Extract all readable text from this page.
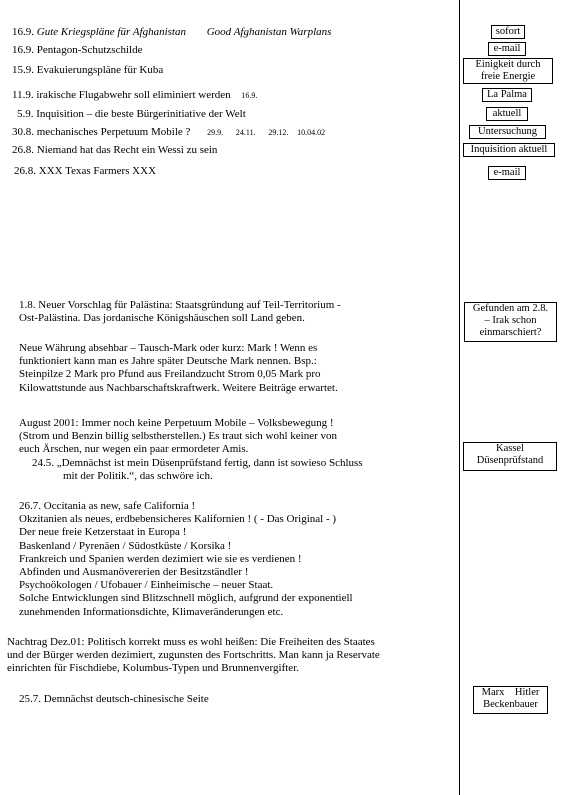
16.9. Gute Kriegspläne für Afghanistan Good Afghanistan Warplans
16.9. Pentagon-Schutzschilde
15.9. Evakuierungspläne für Kuba
11.9. irakische Flugabwehr soll eliminiert werden 16.9.
5.9. Inquisition – die beste Bürgerinitiative der Welt
30.8. mechanisches Perpetuum Mobile ? 29.9. 24.11. 29.12. 10.04.02
26.8. Niemand hat das Recht ein Wessi zu sein
26.8. XXX Texas Farmers XXX
sofort
e-mail
Einigkeit durch
freie Energie
La Palma
aktuell
Untersuchung
Inquisition aktuell
e-mail
Gefunden am 2.8.
– Irak schon
einmarschiert?
Kassel
Düsenprüfstand
Marx    Hitler
Beckenbauer
1.8. Neuer Vorschlag für Palästina: Staatsgründung auf Teil-Territorium -
Ost-Palästina. Das jordanische Königshäuschen soll Land geben.
Neue Währung absehbar – Tausch-Mark oder kurz: Mark ! Wenn es
funktioniert kann man es Jahre später Deutsche Mark nennen. Bsp.:
Steinpilze 2 Mark pro Pfund aus Freilandzucht Strom 0,05 Mark pro
Kilowattstunde aus Nachbarschaftskraftwerk. Weitere Beiträge erwartet.
August 2001: Immer noch keine Perpetuum Mobile – Volksbewegung !
(Strom und Benzin billig selbstherstellen.) Es traut sich wohl keiner von
euch Ärschen, nur wegen ein paar ermordeter Amis.
24.5. „Demnächst ist mein Düsenprüfstand fertig, dann ist sowieso Schluss
mit der Politik.“, das schwöre ich.
26.7. Occitania as new, safe California !
Okzitanien als neues, erdbebensicheres Kalifornien ! ( - Das Original - )
Der neue freie Ketzerstaat in Europa !
Baskenland / Pyrenäen / Südostküste / Korsika !
Frankreich und Spanien werden dezimiert wie sie es verdienen !
Abfinden und Ausmanövererien der Besitzständler !
Psychoökologen / Ufobauer / Einheimische – neuer Staat.
Solche Entwicklungen sind Blitzschnell möglich, aufgrund der exponentiell
zunehmenden Informationsdichte, Klimaveränderungen etc.
Nachtrag Dez.01: Politisch korrekt muss es wohl heißen: Die Freiheiten des Staates
und der Bürger werden dezimiert, zugunsten des Fortschritts. Man kann ja Reservate
einrichten für Fischdiebe, Kolumbus-Typen und Brunnenvergifter.
25.7. Demnächst deutsch-chinesische Seite
